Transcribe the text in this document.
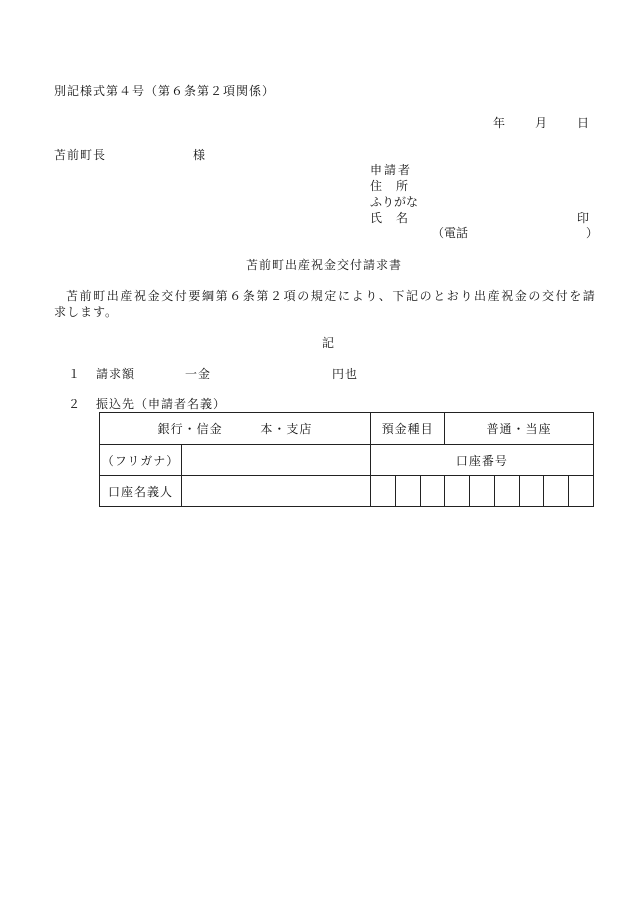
別記様式第４号（第６条第２項関係）
年 月 日
苫前町長	様
申請者
住　所
ふりがな
氏　名	印
（電話	）
苫前町出産祝金交付請求書
苫前町出産祝金交付要綱第６条第２項の規定により、下記のとおり出産祝金の交付を請
求します。
記
１ 請求額	一金	円也
２ 振込先（申請者名義）
銀行・信金 本・支店		預金種目			普通・当座					
（フリガナ）		口座番号								
口座名義人										
